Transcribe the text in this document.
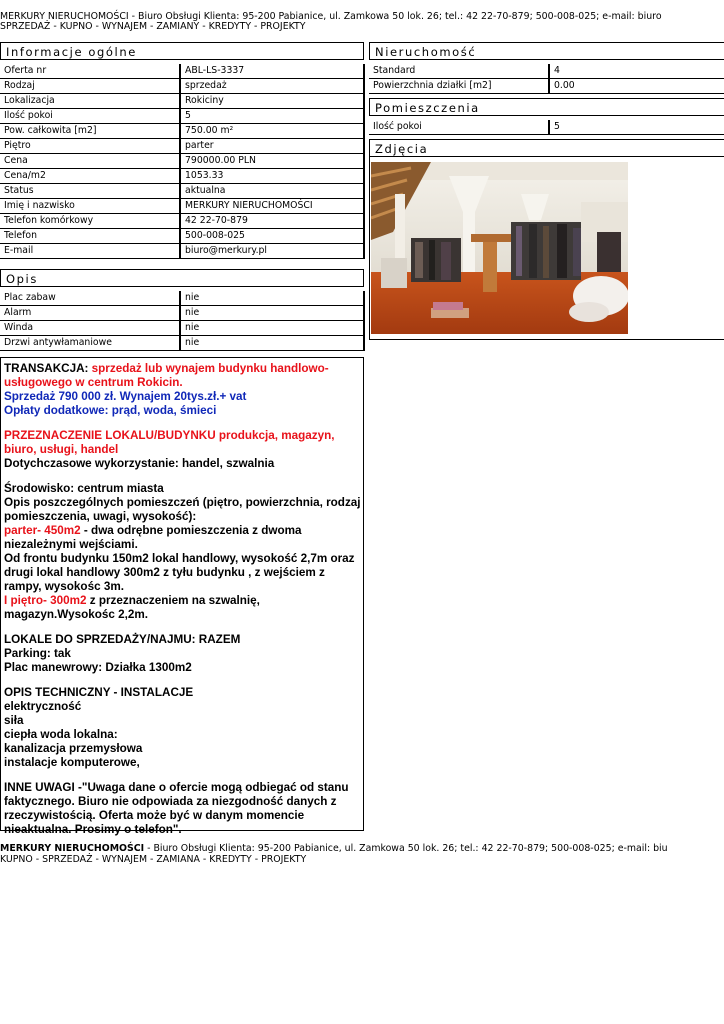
MERKURY NIERUCHOMOŚCI - Biuro Obsługi Klienta: 95-200 Pabianice, ul. Zamkowa 50 lok. 26; tel.: 42 22-70-879; 500-008-025; e-mail: biuro
SPRZEDAŻ - KUPNO - WYNAJEM - ZAMIANY - KREDYTY - PROJEKTY
Informacje ogólne
Oferta nr	ABL-LS-3337
Rodzaj	sprzedaż
Lokalizacja	Rokiciny
Ilość pokoi	5
Pow. całkowita [m2]	750.00 m²
Piętro	parter
Cena	790000.00 PLN
Cena/m2	1053.33
Status	aktualna
Imię i nazwisko	MERKURY NIERUCHOMOŚCI
Telefon komórkowy	42 22-70-879
Telefon	500-008-025
E-mail	biuro@merkury.pl
Opis
Plac zabaw	nie
Alarm	nie
Winda	nie
Drzwi antywłamaniowe	nie
Nieruchomość
Standard	4
Powierzchnia działki [m2]	0.00
Pomieszczenia
Ilość pokoi	5
Zdjęcia

TRANSAKCJA: sprzedaż lub wynajem budynku handlowo-usługowego w centrum Rokicin.
Sprzedaż 790 000 zł. Wynajem 20tys.zł.+ vat
Opłaty dodatkowe: prąd, woda, śmieci

PRZEZNACZENIE LOKALU/BUDYNKU produkcja, magazyn, biuro, usługi, handel
Dotychczasowe wykorzystanie: handel, szwalnia

Środowisko: centrum miasta
Opis poszczególnych pomieszczeń (piętro, powierzchnia, rodzaj pomieszczenia, uwagi, wysokość):
parter- 450m2 - dwa odrębne pomieszczenia z dwoma niezależnymi wejściami.
Od frontu budynku 150m2 lokal handlowy, wysokość 2,7m oraz drugi lokal handlowy 300m2 z tyłu budynku , z wejściem z rampy, wysokośc 3m.
I piętro- 300m2 z przeznaczeniem na szwalnię, magazyn.Wysokośc 2,2m.

LOKALE DO SPRZEDAŻY/NAJMU: RAZEM
Parking: tak
Plac manewrowy: Działka 1300m2

OPIS TECHNICZNY - INSTALACJE
elektryczność
siła
ciepła woda lokalna:
kanalizacja przemysłowa
instalacje komputerowe,

INNE UWAGI -"Uwaga dane o ofercie mogą odbiegać od stanu faktycznego. Biuro nie odpowiada za niezgodność danych z rzeczywistością. Oferta może być w danym momencie nieaktualna. Prosimy o telefon".

MERKURY NIERUCHOMOŚCI - Biuro Obsługi Klienta: 95-200 Pabianice, ul. Zamkowa 50 lok. 26; tel.: 42 22-70-879; 500-008-025; e-mail: biu
KUPNO - SPRZEDAŻ - WYNAJEM - ZAMIANA - KREDYTY - PROJEKTY
